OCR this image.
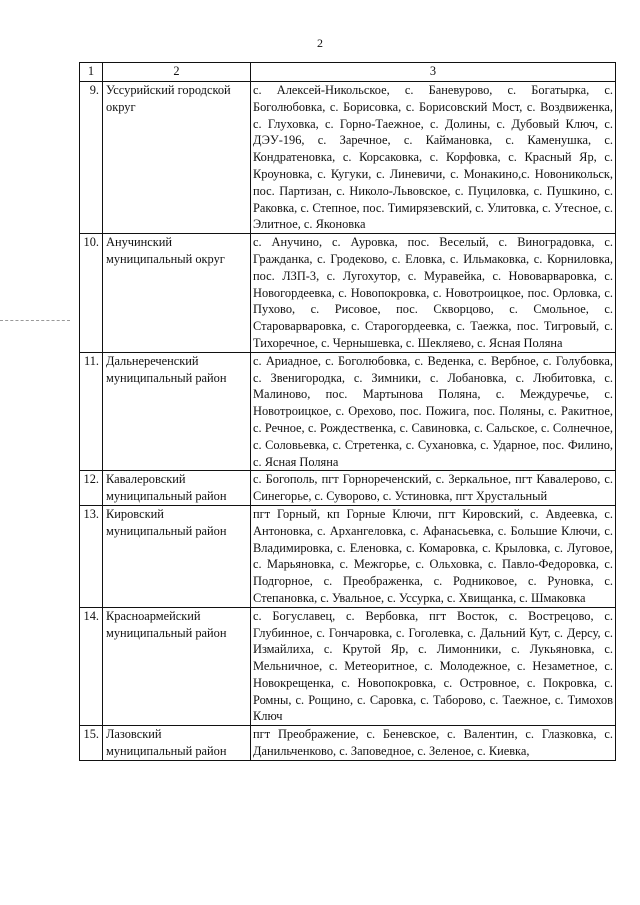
2
1	2	3
9.	Уссурийский городской округ	с. Алексей-Никольское, с. Баневурово, с. Богатырка, с. Боголюбовка, с. Борисовка, с. Борисовский Мост, с. Воздвиженка, с. Глуховка, с. Горно-Таежное, с. Долины, с. Дубовый Ключ, с. ДЭУ-196, с. Заречное, с. Каймановка, с. Каменушка, с. Кондратеновка, с. Корсаковка, с. Корфовка, с. Красный Яр, с. Кроуновка, с. Кугуки, с. Линевичи, с. Монакино,с. Новоникольск, пос. Партизан, с. Николо-Львовское, с. Пуциловка, с. Пушкино, с. Раковка, с. Степное, пос. Тимирязевский, с. Улитовка, с. Утесное, с. Элитное, с. Яконовка
10.	Анучинский муниципальный округ	с. Анучино, с. Ауровка, пос. Веселый, с. Виноградовка, с. Гражданка, с. Гродеково, с. Еловка, с. Ильмаковка, с. Корниловка, пос. ЛЗП-3, с. Лугохутор, с. Муравейка, с. Нововарваровка, с. Новогордеевка, с. Новопокровка, с. Новотроицкое, пос. Орловка, с. Пухово, с. Рисовое, пос. Скворцово, с. Смольное, с. Староварваровка, с. Старогордеевка, с. Таежка, пос. Тигровый, с. Тихоречное, с. Чернышевка, с. Шекляево, с. Ясная Поляна
11.	Дальнереченский муниципальный район	с. Ариадное, с. Боголюбовка, с. Веденка, с. Вербное, с. Голубовка, с. Звенигородка, с. Зимники, с. Лобановка, с. Любитовка, с. Малиново, пос. Мартынова Поляна, с. Междуречье, с. Новотроицкое, с. Орехово, пос. Пожига, пос. Поляны, с. Ракитное, с. Речное, с. Рождественка, с. Савиновка, с. Сальское, с. Солнечное, с. Соловьевка, с. Стретенка, с. Сухановка, с. Ударное, пос. Филино, с. Ясная Поляна
12.	Кавалеровский муниципальный район	с. Богополь, пгт Горнореченский, с. Зеркальное, пгт Кавалерово, с. Синегорье, с. Суворово, с. Устиновка, пгт Хрустальный
13.	Кировский муниципальный район	пгт Горный, кп Горные Ключи, пгт Кировский, с. Авдеевка, с. Антоновка, с. Архангеловка, с. Афанасьевка, с. Большие Ключи, с. Владимировка, с. Еленовка, с. Комаровка, с. Крыловка, с. Луговое, с. Марьяновка, с. Межгорье, с. Ольховка, с. Павло-Федоровка, с. Подгорное, с. Преображенка, с. Родниковое, с. Руновка, с. Степановка, с. Увальное, с. Уссурка, с. Хвищанка, с. Шмаковка
14.	Красноармейский муниципальный район	с. Богуславец, с. Вербовка, пгт Восток, с. Вострецово, с. Глубинное, с. Гончаровка, с. Гоголевка, с. Дальний Кут, с. Дерсу, с. Измайлиха, с. Крутой Яр, с. Лимонники, с. Лукьяновка, с. Мельничное, с. Метеоритное, с. Молодежное, с. Незаметное, с. Новокрещенка, с. Новопокровка, с. Островное, с. Покровка, с. Ромны, с. Рощино, с. Саровка, с. Таборово, с. Таежное, с. Тимохов Ключ
15.	Лазовский муниципальный район	пгт Преображение, с. Беневское, с. Валентин, с. Глазковка, с. Данильченково, с. Заповедное, с. Зеленое, с. Киевка,
